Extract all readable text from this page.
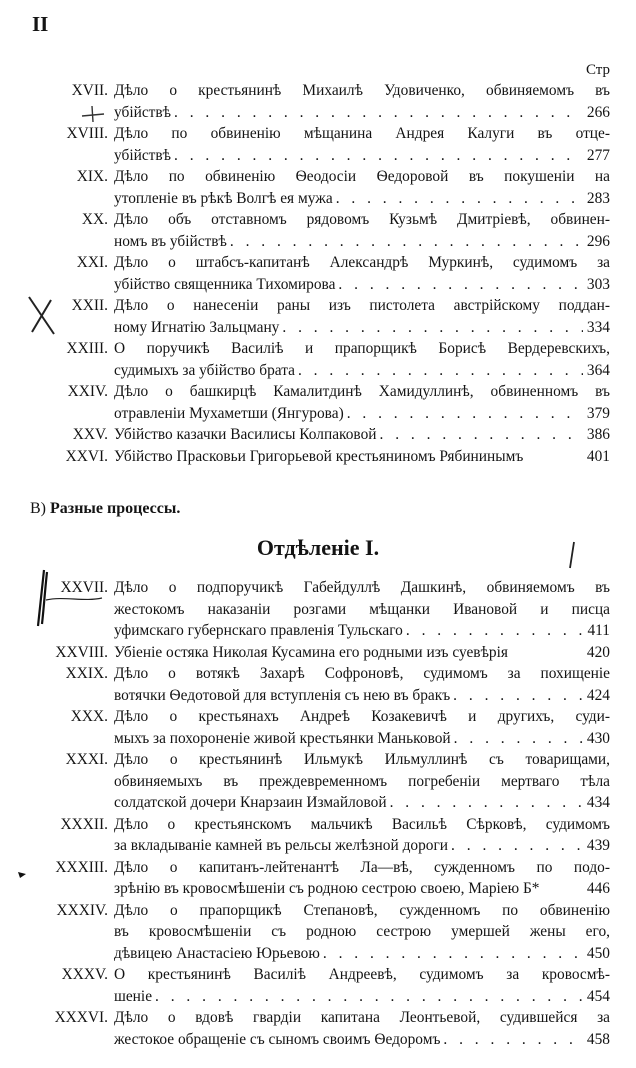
II
Стр
XVII. Дѣло о крестьянинѣ Михаилѣ Удовиченко, обвиняемомъ въ
убійствѣ . . .	266
XVIII. Дѣло по обвиненію мѣщанина Андрея Калуги въ отце-
убійствѣ . . .	277
XIX. Дѣло по обвиненію Ѳеодосіи Ѳедоровой въ покушеніи на
утопленіе въ рѣкѣ Волгѣ ея мужа . . .	283
XX. Дѣло объ отставномъ рядовомъ Кузьмѣ Дмитріевѣ, обвинен-
номъ въ убійствѣ . . .	296
XXI. Дѣло о штабсъ-капитанѣ Александрѣ Муркинѣ, судимомъ за
убійство священника Тихомирова . . .	303
XXII. Дѣло о нанесеніи раны изъ пистолета австрійскому поддан-
ному Игнатію Зальцману . . .	334
XXIII. О поручикѣ Василіѣ и прапорщикѣ Борисѣ Вердеревскихъ,
судимыхъ за убійство брата . . .	364
XXIV. Дѣло о башкирцѣ Камалитдинѣ Хамидуллинѣ, обвиненномъ въ
отравленіи Мухаметши (Янгурова) . . .	379
XXV. Убійство казачки Василисы Колпаковой . . .	386
XXVI. Убійство Прасковьи Григорьевой крестьяниномъ Рябининымъ	401
В) Разные процессы.
Отдѣленіе I.
XXVII. Дѣло о подпоручикѣ Габейдуллѣ Дашкинѣ, обвиняемомъ въ
жестокомъ наказаніи розгами мѣщанки Ивановой и писца
уфимскаго губернскаго правленія Тульскаго . . .	411
XXVIII. Убіеніе остяка Николая Кусамина его родными изъ суевѣрія	420
XXIX. Дѣло о вотякѣ Захарѣ Софроновѣ, судимомъ за похищеніе
вотячки Ѳедотовой для вступленія съ нею въ бракъ . . .	424
XXX. Дѣло о крестьянахъ Андреѣ Козакевичѣ и другихъ, суди-
мыхъ за похороненіе живой крестьянки Маньковой . . .	430
XXXI. Дѣло о крестьянинѣ Ильмукѣ Ильмуллинѣ съ товарищами,
обвиняемыхъ въ преждевременномъ погребеніи мертваго тѣла
солдатской дочери Кнарзаин Измайловой . . .	434
XXXII. Дѣло о крестьянскомъ мальчикѣ Васильѣ Сѣрковѣ, судимомъ
за вкладываніе камней въ рельсы желѣзной дороги . . .	439
XXXIII. Дѣло о капитанъ-лейтенантѣ Ла—вѣ, сужденномъ по подо-
зрѣнію въ кровосмѣшеніи съ родною сестрою своею, Маріею Б*	446
XXXIV. Дѣло о прапорщикѣ Степановѣ, сужденномъ по обвиненію
въ кровосмѣшеніи съ родною сестрою умершей жены его,
дѣвицею Анастасіею Юрьевою . . .	450
XXXV. О крестьянинѣ Василіѣ Андреевѣ, судимомъ за кровосмѣ-
шеніе . . .	454
XXXVI. Дѣло о вдовѣ гвардіи капитана Леонтьевой, судившейся за
жестокое обращеніе съ сыномъ своимъ Ѳедоромъ . . .	458
